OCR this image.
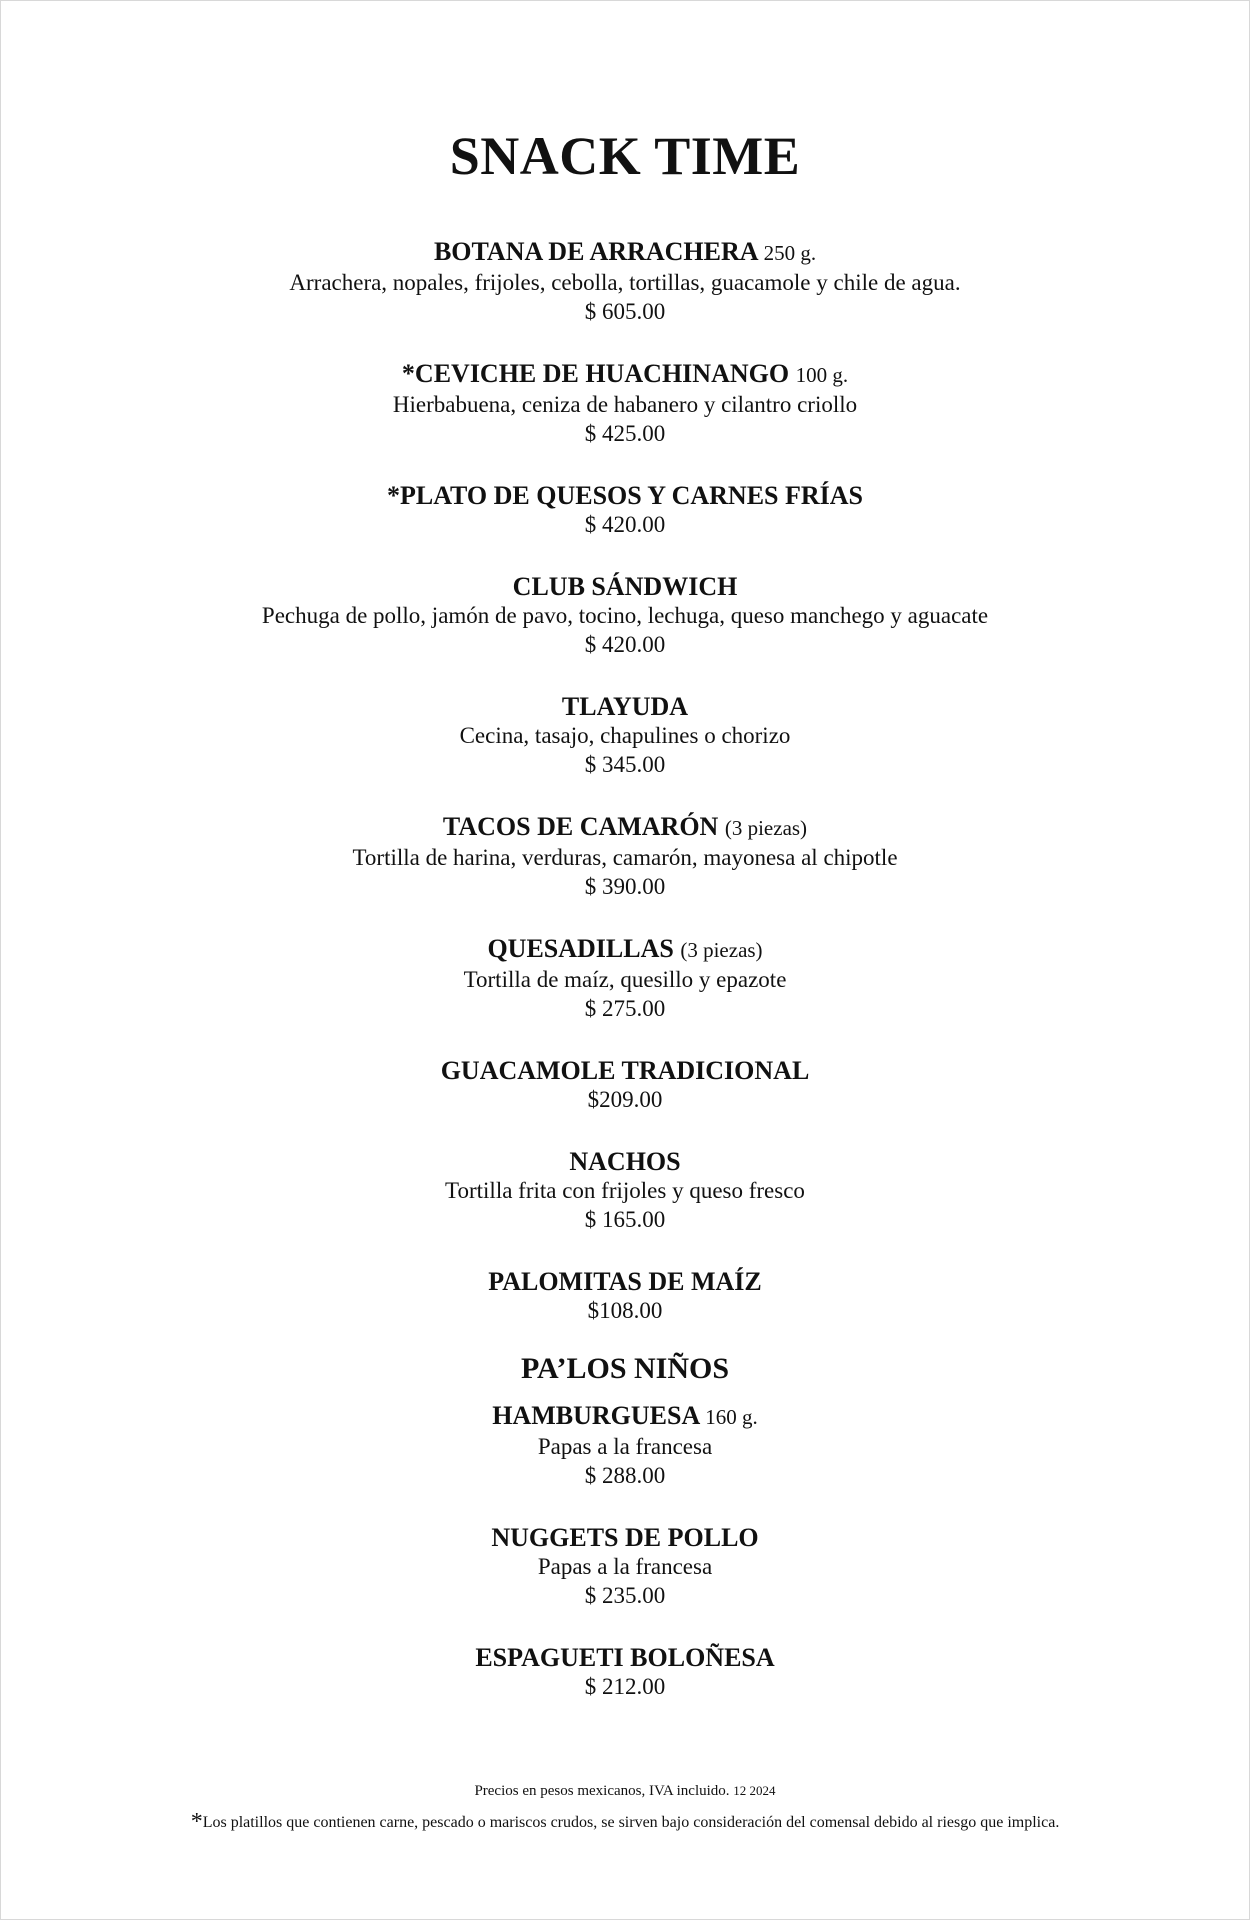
SNACK TIME

BOTANA DE ARRACHERA 250 g.

Arrachera, nopales, frijoles, cebolla, tortillas, guacamole y chile de agua.

$ 605.00

*CEVICHE DE HUACHINANGO 100 g.

Hierbabuena, ceniza de habanero y cilantro criollo

$ 425.00

*PLATO DE QUESOS Y CARNES FRÍAS

$ 420.00

CLUB SÁNDWICH

Pechuga de pollo, jamón de pavo, tocino, lechuga, queso manchego y aguacate

$ 420.00

TLAYUDA

Cecina, tasajo, chapulines o chorizo

$ 345.00

TACOS DE CAMARÓN (3 piezas)

Tortilla de harina, verduras, camarón, mayonesa al chipotle

$ 390.00

QUESADILLAS (3 piezas)

Tortilla de maíz, quesillo y epazote

$ 275.00

GUACAMOLE TRADICIONAL

$209.00

NACHOS

Tortilla frita con frijoles y queso fresco

$ 165.00

PALOMITAS DE MAÍZ

$108.00

PA’LOS NIÑOS

HAMBURGUESA 160 g.

Papas a la francesa

$ 288.00

NUGGETS DE POLLO

Papas a la francesa

$ 235.00

ESPAGUETI BOLOÑESA

$ 212.00

Precios en pesos mexicanos, IVA incluido. 12 2024
*Los platillos que contienen carne, pescado o mariscos crudos, se sirven bajo consideración del comensal debido al riesgo que implica.
